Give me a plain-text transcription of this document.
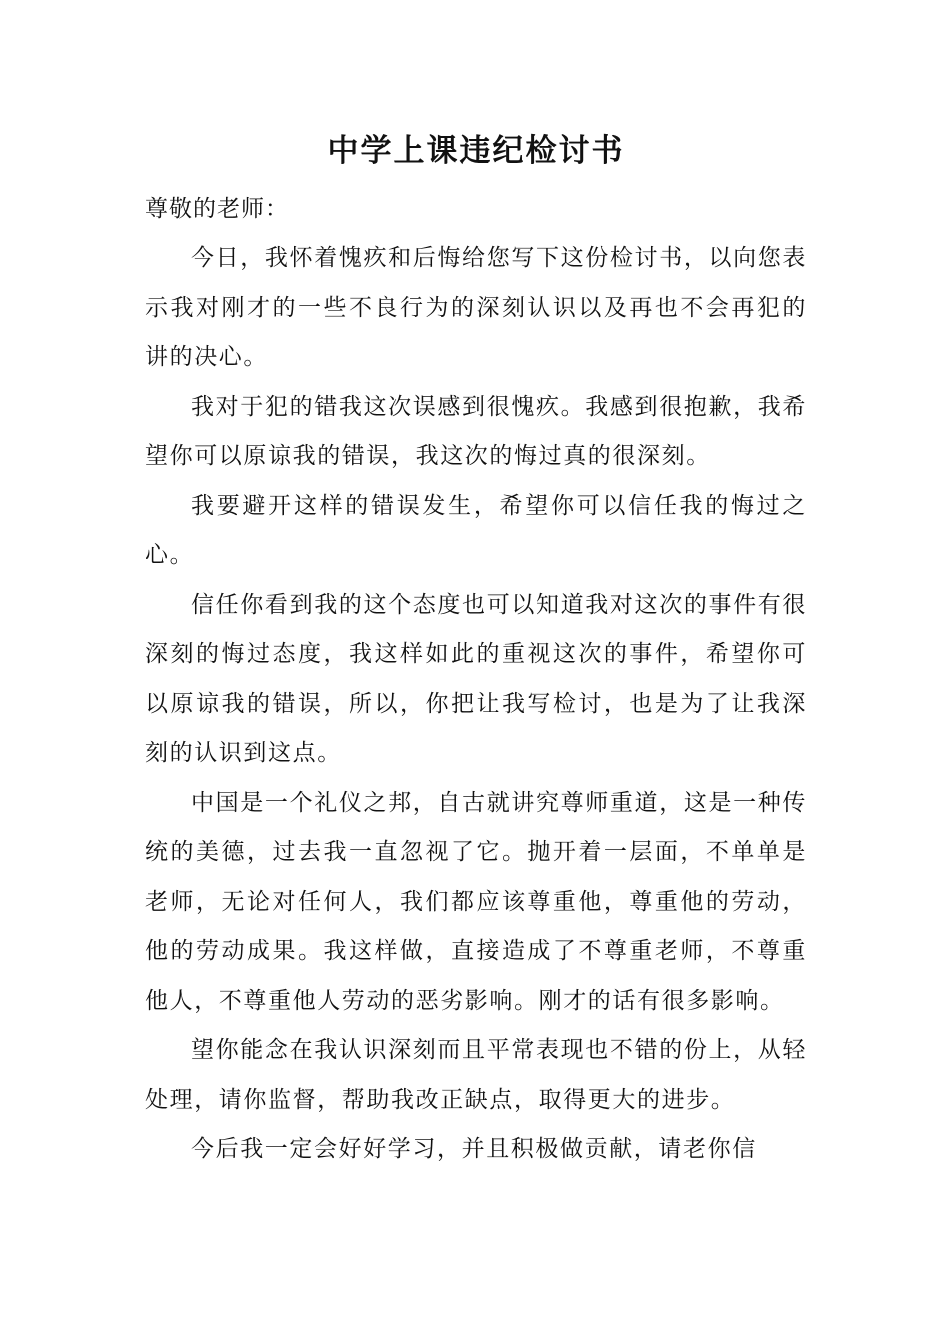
中学上课违纪检讨书

尊敬的老师：

今日，我怀着愧疚和后悔给您写下这份检讨书，以向您表示我对刚才的一些不良行为的深刻认识以及再也不会再犯的讲的决心。

我对于犯的错我这次误感到很愧疚。我感到很抱歉，我希望你可以原谅我的错误，我这次的悔过真的很深刻。

我要避开这样的错误发生，希望你可以信任我的悔过之心。

信任你看到我的这个态度也可以知道我对这次的事件有很深刻的悔过态度，我这样如此的重视这次的事件，希望你可以原谅我的错误，所以，你把让我写检讨，也是为了让我深刻的认识到这点。

中国是一个礼仪之邦，自古就讲究尊师重道，这是一种传统的美德，过去我一直忽视了它。抛开着一层面，不单单是老师，无论对任何人，我们都应该尊重他，尊重他的劳动，他的劳动成果。我这样做，直接造成了不尊重老师，不尊重他人，不尊重他人劳动的恶劣影响。刚才的话有很多影响。

望你能念在我认识深刻而且平常表现也不错的份上，从轻处理，请你监督，帮助我改正缺点，取得更大的进步。

今后我一定会好好学习，并且积极做贡献，请老你信
